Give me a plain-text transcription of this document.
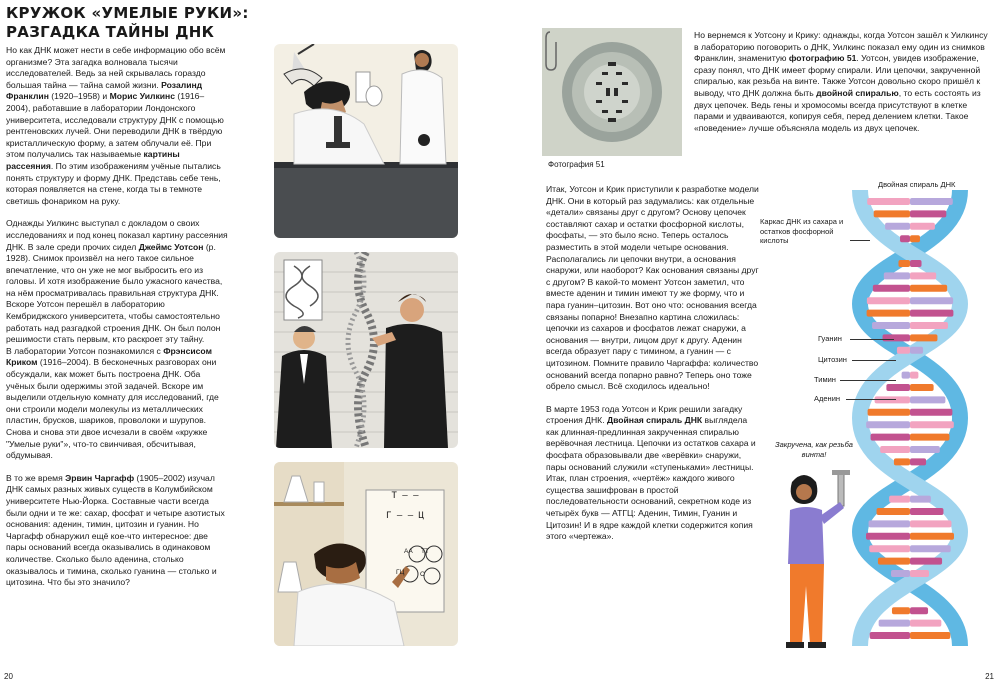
КРУЖОК «УМЕЛЫЕ РУКИ»:
РАЗГАДКА ТАЙНЫ ДНК

Но как ДНК может нести в себе информацию обо всём организме? Эта загадка волновала тысячи исследователей. Ведь за ней скрывалась гораздо большая тайна — тайна самой жизни. Розалинд Франклин (1920–1958) и Морис Уилкинс (1916–2004), работавшие в лаборатории Лондонского университета, исследовали структуру ДНК с помощью рентгеновских лучей. Они переводили ДНК в твёрдую кристаллическую форму, а затем облучали её. При этом получались так называемые картины рассеяния. По этим изображениям учёные пытались понять структуру и форму ДНК. Представь себе тень, которая появляется на стене, когда ты в темноте светишь фонариком на руку.

Однажды Уилкинс выступал с докладом о своих исследованиях и под конец показал картину рассеяния ДНК. В зале среди прочих сидел Джеймс Уотсон (р. 1928). Снимок произвёл на него такое сильное впечатление, что он уже не мог выбросить его из головы. И хотя изображение было ужасного качества, на нём просматривалась правильная структура ДНК. Вскоре Уотсон перешёл в лабораторию Кембриджского университета, чтобы самостоятельно работать над разгадкой строения ДНК. Он был полон решимости стать первым, кто раскроет эту тайну.
В лаборатории Уотсон познакомился с Фрэнсисом Криком (1916–2004). В бесконечных разговорах они обсуждали, как может быть построена ДНК. Оба учёных были одержимы этой задачей. Вскоре им выделили отдельную комнату для исследований, где они строили модели молекулы из металлических пластин, брусков, шариков, проволоки и шурупов. Снова и снова эти двое исчезали в своём «кружке "Умелые руки"», что-то свинчивая, обсчитывая, обдумывая.

В то же время Эрвин Чаргафф (1905–2002) изучал ДНК самых разных живых существ в Колумбийском университете Нью-Йорка. Составные части всегда были одни и те же: сахар, фосфат и четыре азотистых основания: аденин, тимин, цитозин и гуанин. Но Чаргафф обнаружил ещё кое-что интересное: две пары оснований всегда оказывались в одинаковом количестве. Сколько было аденина, столько оказывалось и тимина, сколько гуанина — столько и цитозина. Что бы это значило?

T — —
Г — — Ц
AA TT
ГЦ C
Фотография 51

Итак, Уотсон и Крик приступили к разработке модели ДНК. Они в который раз задумались: как отдельные «детали» связаны друг с другом? Основу цепочек составляют сахар и остатки фосфорной кислоты, фосфаты, — это было ясно. Теперь осталось разместить в этой модели четыре основания. Располагались ли цепочки внутри, а основания снаружи, или наоборот? Как основания связаны друг с другом? В какой-то момент Уотсон заметил, что вместе аденин и тимин имеют ту же форму, что и пара гуанин–цитозин. Вот оно что: основания всегда связаны попарно! Внезапно картина сложилась: цепочки из сахаров и фосфатов лежат снаружи, а основания — внутри, лицом друг к другу. Аденин всегда образует пару с тимином, а гуанин — с цитозином. Помните правило Чаргаффа: количество оснований всегда попарно равно? Теперь оно тоже обрело смысл. Всё сходилось идеально!

В марте 1953 года Уотсон и Крик решили загадку строения ДНК. Двойная спираль ДНК выглядела как длинная-предлинная закрученная спиралью верёвочная лестница. Цепочки из остатков сахара и фосфата образовывали две «верёвки» снаружи, пары оснований служили «ступеньками» лестницы. Итак, план строения, «чертёж» каждого живого существа зашифрован в простой последовательности оснований, секретном коде из четырёх букв — АТГЦ: Аденин, Тимин, Гуанин и Цитозин! И в ядре каждой клетки содержится копия этого «чертежа».

Но вернемся к Уотсону и Крику: однажды, когда Уотсон зашёл к Уилкинсу в лабораторию поговорить о ДНК, Уилкинс показал ему один из снимков Франклин, знаменитую фотографию 51. Уотсон, увидев изображение, сразу понял, что ДНК имеет форму спирали. Или цепочки, закрученной спиралью, как резьба на винте. Также Уотсон довольно скоро пришёл к выводу, что ДНК должна быть двойной спиралью, то есть состоять из двух цепочек. Ведь гены и хромосомы всегда присутствуют в клетке парами и удваиваются, копируя себя, перед делением клетки. Такое «поведение» лучше объясняла модель из двух цепочек.

Двойная спираль ДНК
Каркас ДНК из сахара и остатков фосфорной кислоты
Гуанин
Цитозин
Тимин
Аденин
Закручена, как резьба винта!
20	21
